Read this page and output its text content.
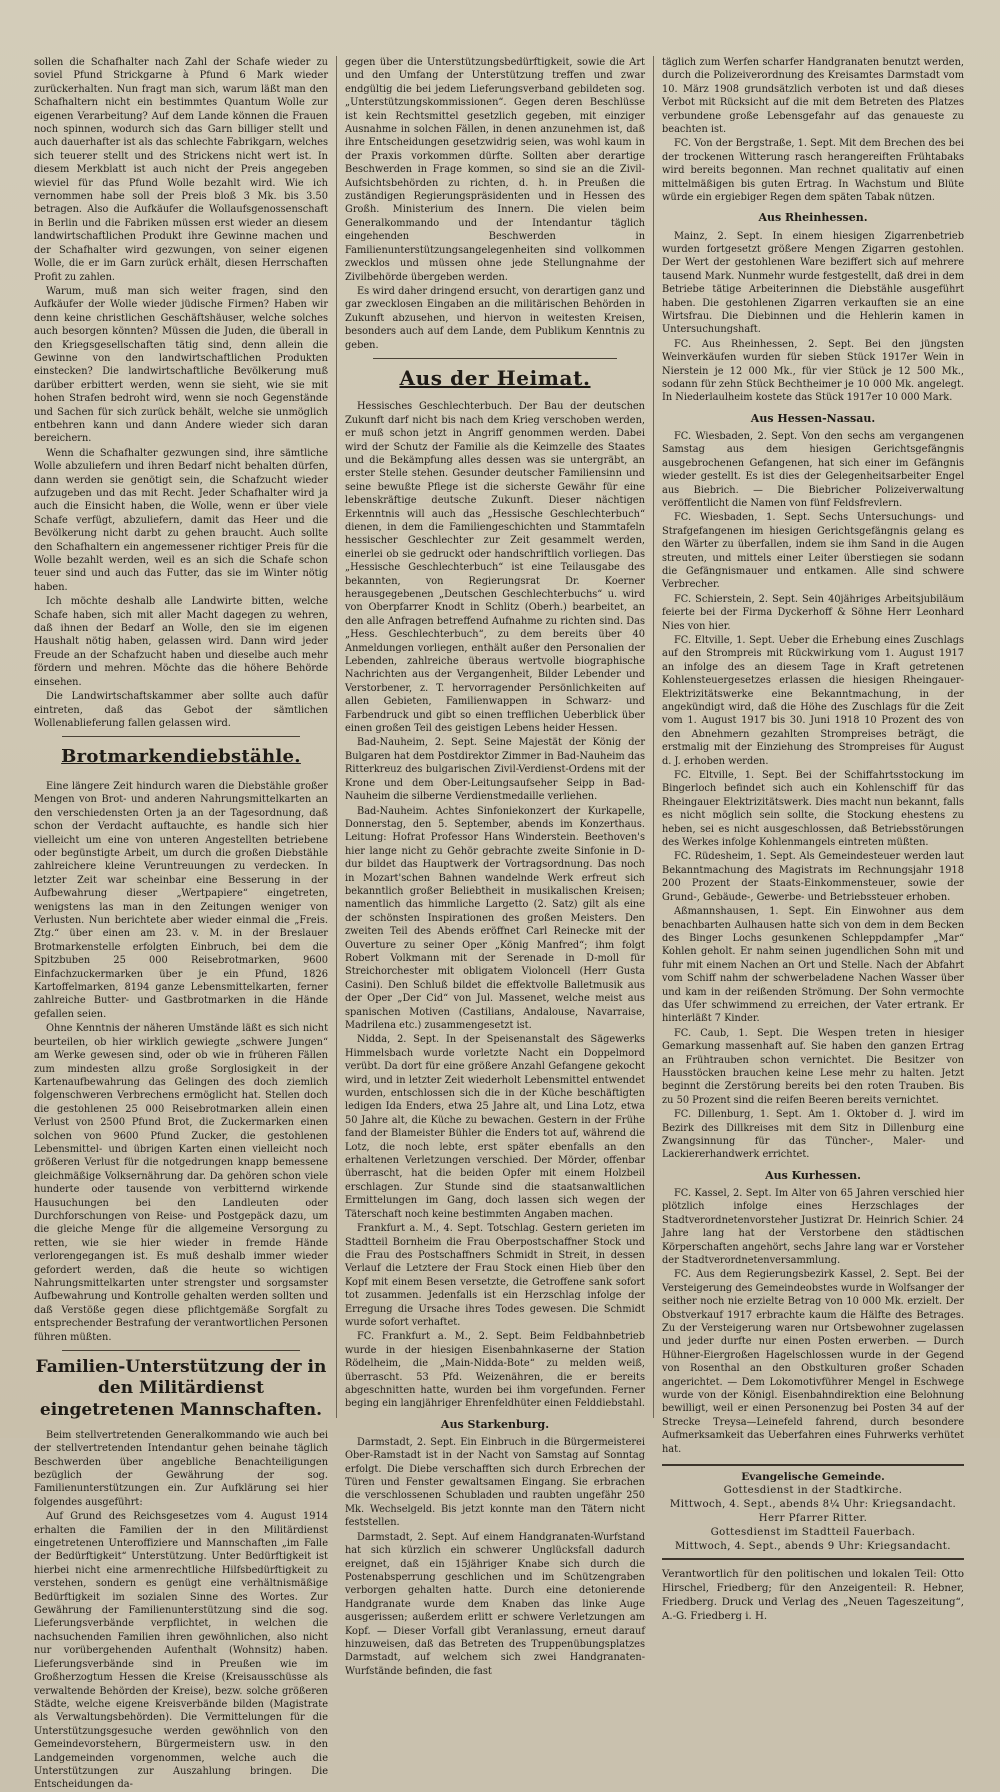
sollen die Schafhalter nach Zahl der Schafe wieder zu soviel Pfund Strickgarne à Pfund 6 Mark wieder zurückerhalten. Nun fragt man sich, warum läßt man den Schafhaltern nicht ein bestimmtes Quantum Wolle zur eigenen Verarbeitung? Auf dem Lande können die Frauen noch spinnen, wodurch sich das Garn billiger stellt und auch dauerhafter ist als das schlechte Fabrikgarn, welches sich teuerer stellt und des Strickens nicht wert ist. In diesem Merkblatt ist auch nicht der Preis angegeben wieviel für das Pfund Wolle bezahlt wird. Wie ich vernommen habe soll der Preis bloß 3 Mk. bis 3.50 betragen. Also die Aufkäufer die Wollaufsgenossenschaft in Berlin und die Fabriken müssen erst wieder an diesem landwirtschaftlichen Produkt ihre Gewinne machen und der Schafhalter wird gezwungen, von seiner eigenen Wolle, die er im Garn zurück erhält, diesen Herrschaften Profit zu zahlen.

Warum, muß man sich weiter fragen, sind den Aufkäufer der Wolle wieder jüdische Firmen? Haben wir denn keine christlichen Geschäftshäuser, welche solches auch besorgen könnten? Müssen die Juden, die überall in den Kriegsgesellschaften tätig sind, denn allein die Gewinne von den landwirtschaftlichen Produkten einstecken? Die landwirtschaftliche Bevölkerung muß darüber erbittert werden, wenn sie sieht, wie sie mit hohen Strafen bedroht wird, wenn sie noch Gegenstände und Sachen für sich zurück behält, welche sie unmöglich entbehren kann und dann Andere wieder sich daran bereichern.

Wenn die Schafhalter gezwungen sind, ihre sämtliche Wolle abzuliefern und ihren Bedarf nicht behalten dürfen, dann werden sie genötigt sein, die Schafzucht wieder aufzugeben und das mit Recht. Jeder Schafhalter wird ja auch die Einsicht haben, die Wolle, wenn er über viele Schafe verfügt, abzuliefern, damit das Heer und die Bevölkerung nicht darbt zu gehen braucht. Auch sollte den Schafhaltern ein angemessener richtiger Preis für die Wolle bezahlt werden, weil es an sich die Schafe schon teuer sind und auch das Futter, das sie im Winter nötig haben.

Ich möchte deshalb alle Landwirte bitten, welche Schafe haben, sich mit aller Macht dagegen zu wehren, daß ihnen der Bedarf an Wolle, den sie im eigenen Haushalt nötig haben, gelassen wird. Dann wird jeder Freude an der Schafzucht haben und dieselbe auch mehr fördern und mehren. Möchte das die höhere Behörde einsehen.

Die Landwirtschaftskammer aber sollte auch dafür eintreten, daß das Gebot der sämtlichen Wollenablieferung fallen gelassen wird.

Brotmarkendiebstähle.

Eine längere Zeit hindurch waren die Diebstähle großer Mengen von Brot- und anderen Nahrungsmittelkarten an den verschiedensten Orten ja an der Tagesordnung, daß schon der Verdacht auftauchte, es handle sich hier vielleicht um eine von unteren Angestellten betriebene oder begünstigte Arbeit, um durch die großen Diebstähle zahlreichere kleine Veruntreuungen zu verdecken. In letzter Zeit war scheinbar eine Besserung in der Aufbewahrung dieser „Wertpapiere“ eingetreten, wenigstens las man in den Zeitungen weniger von Verlusten. Nun berichtete aber wieder einmal die „Freis. Ztg.“ über einen am 23. v. M. in der Breslauer Brotmarkenstelle erfolgten Einbruch, bei dem die Spitzbuben 25 000 Reisebrotmarken, 9600 Einfachzuckermarken über je ein Pfund, 1826 Kartoffelmarken, 8194 ganze Lebensmittelkarten, ferner zahlreiche Butter- und Gastbrotmarken in die Hände gefallen seien.

Ohne Kenntnis der näheren Umstände läßt es sich nicht beurteilen, ob hier wirklich gewiegte „schwere Jungen“ am Werke gewesen sind, oder ob wie in früheren Fällen zum mindesten allzu große Sorglosigkeit in der Kartenaufbewahrung das Gelingen des doch ziemlich folgenschweren Verbrechens ermöglicht hat. Stellen doch die gestohlenen 25 000 Reisebrotmarken allein einen Verlust von 2500 Pfund Brot, die Zuckermarken einen solchen von 9600 Pfund Zucker, die gestohlenen Lebensmittel- und übrigen Karten einen vielleicht noch größeren Verlust für die notgedrungen knapp bemessene gleichmäßige Volksernährung dar. Da gehören schon viele hunderte oder tausende von verbitternd wirkende Hausuchungen bei den Landleuten oder Durchforschungen von Reise- und Postgepäck dazu, um die gleiche Menge für die allgemeine Versorgung zu retten, wie sie hier wieder in fremde Hände verlorengegangen ist. Es muß deshalb immer wieder gefordert werden, daß die heute so wichtigen Nahrungsmittelkarten unter strengster und sorgsamster Aufbewahrung und Kontrolle gehalten werden sollten und daß Verstöße gegen diese pflichtgemäße Sorgfalt zu entsprechender Bestrafung der verantwortlichen Personen führen müßten.

Familien-Unterstützung der in den Militärdienst eingetretenen Mannschaften.

Beim stellvertretenden Generalkommando wie auch bei der stellvertretenden Intendantur gehen beinahe täglich Beschwerden über angebliche Benachteiligungen bezüglich der Gewährung der sog. Familienunterstützungen ein. Zur Aufklärung sei hier folgendes ausgeführt:

Auf Grund des Reichsgesetzes vom 4. August 1914 erhalten die Familien der in den Militärdienst eingetretenen Unteroffiziere und Mannschaften „im Falle der Bedürftigkeit“ Unterstützung. Unter Bedürftigkeit ist hierbei nicht eine armenrechtliche Hilfsbedürftigkeit zu verstehen, sondern es genügt eine verhältnismäßige Bedürftigkeit im sozialen Sinne des Wortes. Zur Gewährung der Familienunterstützung sind die sog. Lieferungsverbände verpflichtet, in welchen die nachsuchenden Familien ihren gewöhnlichen, also nicht nur vorübergehenden Aufenthalt (Wohnsitz) haben. Lieferungsverbände sind in Preußen wie im Großherzogtum Hessen die Kreise (Kreisausschüsse als verwaltende Behörden der Kreise), bezw. solche größeren Städte, welche eigene Kreisverbände bilden (Magistrate als Verwaltungsbehörden). Die Vermittelungen für die Unterstützungsgesuche werden gewöhnlich von den Gemeindevorstehern, Bürgermeistern usw. in den Landgemeinden vorgenommen, welche auch die Unterstützungen zur Auszahlung bringen. Die Entscheidungen da-

gegen über die Unterstützungsbedürftigkeit, sowie die Art und den Umfang der Unterstützung treffen und zwar endgültig die bei jedem Lieferungsverband gebildeten sog. „Unterstützungskommissionen“. Gegen deren Beschlüsse ist kein Rechtsmittel gesetzlich gegeben, mit einziger Ausnahme in solchen Fällen, in denen anzunehmen ist, daß ihre Entscheidungen gesetzwidrig seien, was wohl kaum in der Praxis vorkommen dürfte. Sollten aber derartige Beschwerden in Frage kommen, so sind sie an die Zivil-Aufsichtsbehörden zu richten, d. h. in Preußen die zuständigen Regierungspräsidenten und in Hessen des Großh. Ministerium des Innern. Die vielen beim Generalkommando und der Intendantur täglich eingehenden Beschwerden in Familienunterstützungsangelegenheiten sind vollkommen zwecklos und müssen ohne jede Stellungnahme der Zivilbehörde übergeben werden.

Es wird daher dringend ersucht, von derartigen ganz und gar zwecklosen Eingaben an die militärischen Behörden in Zukunft abzusehen, und hiervon in weitesten Kreisen, besonders auch auf dem Lande, dem Publikum Kenntnis zu geben.

Aus der Heimat.

Hessisches Geschlechterbuch. Der Bau der deutschen Zukunft darf nicht bis nach dem Krieg verschoben werden, er muß schon jetzt in Angriff genommen werden. Dabei wird der Schutz der Familie als die Keimzelle des Staates und die Bekämpfung alles dessen was sie untergräbt, an erster Stelle stehen. Gesunder deutscher Familiensinn und seine bewußte Pflege ist die sicherste Gewähr für eine lebenskräftige deutsche Zukunft. Dieser nächtigen Erkenntnis will auch das „Hessische Geschlechterbuch“ dienen, in dem die Familiengeschichten und Stammtafeln hessischer Geschlechter zur Zeit gesammelt werden, einerlei ob sie gedruckt oder handschriftlich vorliegen. Das „Hessische Geschlechterbuch“ ist eine Teilausgabe des bekannten, von Regierungsrat Dr. Koerner herausgegebenen „Deutschen Geschlechterbuchs“ u. wird von Oberpfarrer Knodt in Schlitz (Oberh.) bearbeitet, an den alle Anfragen betreffend Aufnahme zu richten sind. Das „Hess. Geschlechterbuch“, zu dem bereits über 40 Anmeldungen vorliegen, enthält außer den Personalien der Lebenden, zahlreiche überaus wertvolle biographische Nachrichten aus der Vergangenheit, Bilder Lebender und Verstorbener, z. T. hervorragender Persönlichkeiten auf allen Gebieten, Familienwappen in Schwarz- und Farbendruck und gibt so einen trefflichen Ueberblick über einen großen Teil des geistigen Lebens heider Hessen.

Bad-Nauheim, 2. Sept. Seine Majestät der König der Bulgaren hat dem Postdirektor Zimmer in Bad-Nauheim das Ritterkreuz des bulgarischen Zivil-Verdienst-Ordens mit der Krone und dem Ober-Leitungsaufseher Seipp in Bad-Nauheim die silberne Verdienstmedaille verliehen.

Bad-Nauheim. Achtes Sinfoniekonzert der Kurkapelle, Donnerstag, den 5. September, abends im Konzerthaus. Leitung: Hofrat Professor Hans Winderstein. Beethoven's hier lange nicht zu Gehör gebrachte zweite Sinfonie in D-dur bildet das Hauptwerk der Vortragsordnung. Das noch in Mozart'schen Bahnen wandelnde Werk erfreut sich bekanntlich großer Beliebtheit in musikalischen Kreisen; namentlich das himmliche Largetto (2. Satz) gilt als eine der schönsten Inspirationen des großen Meisters. Den zweiten Teil des Abends eröffnet Carl Reinecke mit der Ouverture zu seiner Oper „König Manfred“; ihm folgt Robert Volkmann mit der Serenade in D-moll für Streichorchester mit obligatem Violoncell (Herr Gusta Casini). Den Schluß bildet die effektvolle Balletmusik aus der Oper „Der Cid“ von Jul. Massenet, welche meist aus spanischen Motiven (Castilians, Andalouse, Navarraise, Madrilena etc.) zusammengesetzt ist.

Nidda, 2. Sept. In der Speisenanstalt des Sägewerks Himmelsbach wurde vorletzte Nacht ein Doppelmord verübt. Da dort für eine größere Anzahl Gefangene gekocht wird, und in letzter Zeit wiederholt Lebensmittel entwendet wurden, entschlossen sich die in der Küche beschäftigten ledigen Ida Enders, etwa 25 Jahre alt, und Lina Lotz, etwa 50 Jahre alt, die Küche zu bewachen. Gestern in der Frühe fand der Blameister Bühler die Enders tot auf, während die Lotz, die noch lebte, erst später ebenfalls an den erhaltenen Verletzungen verschied. Der Mörder, offenbar überrascht, hat die beiden Opfer mit einem Holzbeil erschlagen. Zur Stunde sind die staatsanwaltlichen Ermittelungen im Gang, doch lassen sich wegen der Täterschaft noch keine bestimmten Angaben machen.

Frankfurt a. M., 4. Sept. Totschlag. Gestern gerieten im Stadtteil Bornheim die Frau Oberpostschaffner Stock und die Frau des Postschaffners Schmidt in Streit, in dessen Verlauf die Letztere der Frau Stock einen Hieb über den Kopf mit einem Besen versetzte, die Getroffene sank sofort tot zusammen. Jedenfalls ist ein Herzschlag infolge der Erregung die Ursache ihres Todes gewesen. Die Schmidt wurde sofort verhaftet.

FC. Frankfurt a. M., 2. Sept. Beim Feldbahnbetrieb wurde in der hiesigen Eisenbahnkaserne der Station Rödelheim, die „Main-Nidda-Bote“ zu melden weiß, überrascht. 53 Pfd. Weizenähren, die er bereits abgeschnitten hatte, wurden bei ihm vorgefunden. Ferner beging ein langjähriger Ehrenfeldhüter einen Felddiebstahl.

Aus Starkenburg.

Darmstadt, 2. Sept. Ein Einbruch in die Bürgermeisterei Ober-Ramstadt ist in der Nacht von Samstag auf Sonntag erfolgt. Die Diebe verschafften sich durch Erbrechen der Türen und Fenster gewaltsamen Eingang. Sie erbrachen die verschlossenen Schubladen und raubten ungefähr 250 Mk. Wechselgeld. Bis jetzt konnte man den Tätern nicht feststellen.

Darmstadt, 2. Sept. Auf einem Handgranaten-Wurfstand hat sich kürzlich ein schwerer Unglücksfall dadurch ereignet, daß ein 15jähriger Knabe sich durch die Postenabsperrung geschlichen und im Schützengraben verborgen gehalten hatte. Durch eine detonierende Handgranate wurde dem Knaben das linke Auge ausgerissen; außerdem erlitt er schwere Verletzungen am Kopf. — Dieser Vorfall gibt Veranlassung, erneut darauf hinzuweisen, daß das Betreten des Truppenübungsplatzes Darmstadt, auf welchem sich zwei Handgranaten-Wurfstände befinden, die fast

täglich zum Werfen scharfer Handgranaten benutzt werden, durch die Polizeiverordnung des Kreisamtes Darmstadt vom 10. März 1908 grundsätzlich verboten ist und daß dieses Verbot mit Rücksicht auf die mit dem Betreten des Platzes verbundene große Lebensgefahr auf das genaueste zu beachten ist.

FC. Von der Bergstraße, 1. Sept. Mit dem Brechen des bei der trockenen Witterung rasch herangereiften Frühtabaks wird bereits begonnen. Man rechnet qualitativ auf einen mittelmäßigen bis guten Ertrag. In Wachstum und Blüte würde ein ergiebiger Regen dem späten Tabak nützen.

Aus Rheinhessen.

Mainz, 2. Sept. In einem hiesigen Zigarrenbetrieb wurden fortgesetzt größere Mengen Zigarren gestohlen. Der Wert der gestohlenen Ware beziffert sich auf mehrere tausend Mark. Nunmehr wurde festgestellt, daß drei in dem Betriebe tätige Arbeiterinnen die Diebstähle ausgeführt haben. Die gestohlenen Zigarren verkauften sie an eine Wirtsfrau. Die Diebinnen und die Hehlerin kamen in Untersuchungshaft.

FC. Aus Rheinhessen, 2. Sept. Bei den jüngsten Weinverkäufen wurden für sieben Stück 1917er Wein in Nierstein je 12 000 Mk., für vier Stück je 12 500 Mk., sodann für zehn Stück Bechtheimer je 10 000 Mk. angelegt. In Niederlaulheim kostete das Stück 1917er 10 000 Mark.

Aus Hessen-Nassau.

FC. Wiesbaden, 2. Sept. Von den sechs am vergangenen Samstag aus dem hiesigen Gerichtsgefängnis ausgebrochenen Gefangenen, hat sich einer im Gefängnis wieder gestellt. Es ist dies der Gelegenheitsarbeiter Engel aus Biebrich. — Die Biebricher Polizeiverwaltung veröffentlicht die Namen von fünf Feldsfrevlern.

FC. Wiesbaden, 1. Sept. Sechs Untersuchungs- und Strafgefangenen im hiesigen Gerichtsgefängnis gelang es den Wärter zu überfallen, indem sie ihm Sand in die Augen streuten, und mittels einer Leiter überstiegen sie sodann die Gefängnismauer und entkamen. Alle sind schwere Verbrecher.

FC. Schierstein, 2. Sept. Sein 40jähriges Arbeitsjubiläum feierte bei der Firma Dyckerhoff & Söhne Herr Leonhard Nies von hier.

FC. Eltville, 1. Sept. Ueber die Erhebung eines Zuschlags auf den Strompreis mit Rückwirkung vom 1. August 1917 an infolge des an diesem Tage in Kraft getretenen Kohlensteuergesetzes erlassen die hiesigen Rheingauer-Elektrizitätswerke eine Bekanntmachung, in der angekündigt wird, daß die Höhe des Zuschlags für die Zeit vom 1. August 1917 bis 30. Juni 1918 10 Prozent des von den Abnehmern gezahlten Strompreises beträgt, die erstmalig mit der Einziehung des Strompreises für August d. J. erhoben werden.

FC. Eltville, 1. Sept. Bei der Schiffahrtsstockung im Bingerloch befindet sich auch ein Kohlenschiff für das Rheingauer Elektrizitätswerk. Dies macht nun bekannt, falls es nicht möglich sein sollte, die Stockung ehestens zu heben, sei es nicht ausgeschlossen, daß Betriebsstörungen des Werkes infolge Kohlenmangels eintreten müßten.

FC. Rüdesheim, 1. Sept. Als Gemeindesteuer werden laut Bekanntmachung des Magistrats im Rechnungsjahr 1918 200 Prozent der Staats-Einkommensteuer, sowie der Grund-, Gebäude-, Gewerbe- und Betriebssteuer erhoben.

Aßmannshausen, 1. Sept. Ein Einwohner aus dem benachbarten Aulhausen hatte sich von dem in dem Becken des Binger Lochs gesunkenen Schleppdampfer „Mar“ Kohlen geholt. Er nahm seinen jugendlichen Sohn mit und fuhr mit einem Nachen an Ort und Stelle. Nach der Abfahrt vom Schiff nahm der schwerbeladene Nachen Wasser über und kam in der reißenden Strömung. Der Sohn vermochte das Ufer schwimmend zu erreichen, der Vater ertrank. Er hinterläßt 7 Kinder.

FC. Caub, 1. Sept. Die Wespen treten in hiesiger Gemarkung massenhaft auf. Sie haben den ganzen Ertrag an Frühtrauben schon vernichtet. Die Besitzer von Hausstöcken brauchen keine Lese mehr zu halten. Jetzt beginnt die Zerstörung bereits bei den roten Trauben. Bis zu 50 Prozent sind die reifen Beeren bereits vernichtet.

FC. Dillenburg, 1. Sept. Am 1. Oktober d. J. wird im Bezirk des Dillkreises mit dem Sitz in Dillenburg eine Zwangsinnung für das Tüncher-, Maler- und Lackiererhandwerk errichtet.

Aus Kurhessen.

FC. Kassel, 2. Sept. Im Alter von 65 Jahren verschied hier plötzlich infolge eines Herzschlages der Stadtverordnetenvorsteher Justizrat Dr. Heinrich Schier. 24 Jahre lang hat der Verstorbene den städtischen Körperschaften angehört, sechs Jahre lang war er Vorsteher der Stadtverordnetenversammlung.

FC. Aus dem Regierungsbezirk Kassel, 2. Sept. Bei der Versteigerung des Gemeindeobstes wurde in Wolfsanger der seither noch nie erzielte Betrag von 10 000 Mk. erzielt. Der Obstverkauf 1917 erbrachte kaum die Hälfte des Betrages. Zu der Versteigerung waren nur Ortsbewohner zugelassen und jeder durfte nur einen Posten erwerben. — Durch Hühner-Eiergroßen Hagelschlossen wurde in der Gegend von Rosenthal an den Obstkulturen großer Schaden angerichtet. — Dem Lokomotivführer Mengel in Eschwege wurde von der Königl. Eisenbahndirektion eine Belohnung bewilligt, weil er einen Personenzug bei Posten 34 auf der Strecke Treysa—Leinefeld fahrend, durch besondere Aufmerksamkeit das Ueberfahren eines Fuhrwerks verhütet hat.

Evangelische Gemeinde.
Gottesdienst in der Stadtkirche.
Mittwoch, 4. Sept., abends 8¼ Uhr: Kriegsandacht.
Herr Pfarrer Ritter.
Gottesdienst im Stadtteil Fauerbach.
Mittwoch, 4. Sept., abends 9 Uhr: Kriegsandacht.
Verantwortlich für den politischen und lokalen Teil: Otto Hirschel, Friedberg; für den Anzeigenteil: R. Hebner, Friedberg. Druck und Verlag des „Neuen Tageszeitung“, A.-G. Friedberg i. H.
